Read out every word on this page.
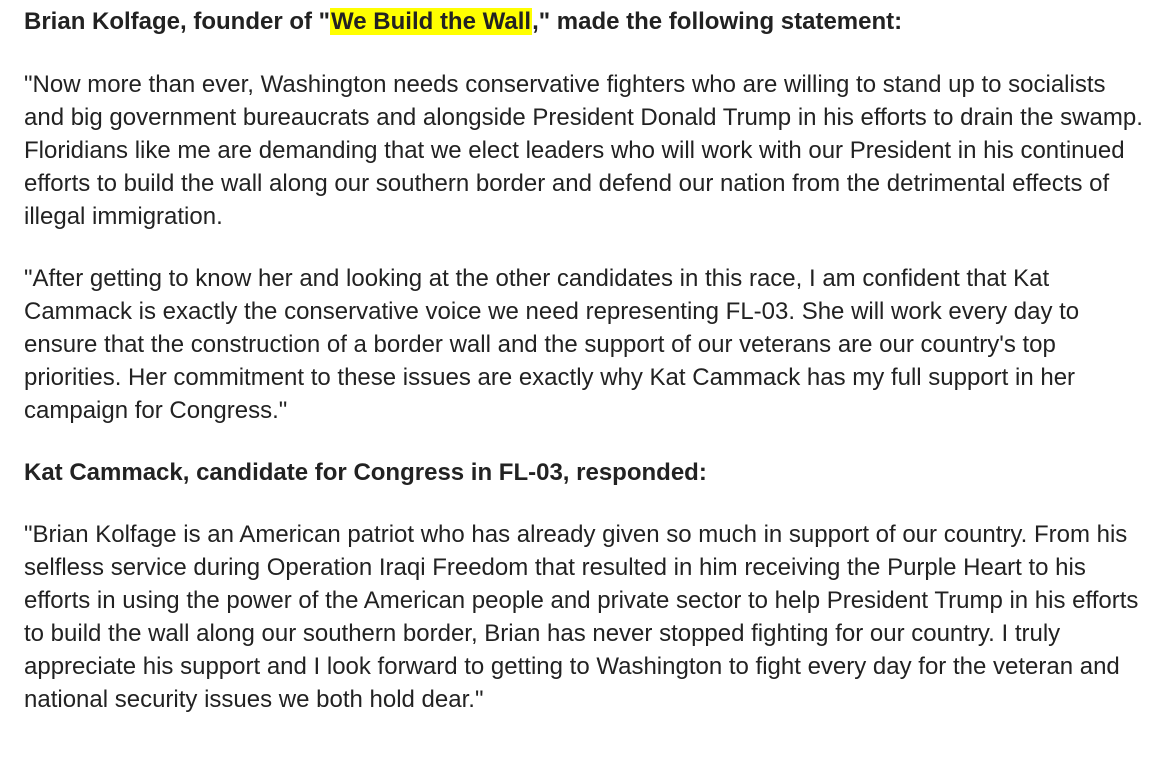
Brian Kolfage, founder of "We Build the Wall," made the following statement:

"Now more than ever, Washington needs conservative fighters who are willing to stand up to socialists and big government bureaucrats and alongside President Donald Trump in his efforts to drain the swamp. Floridians like me are demanding that we elect leaders who will work with our President in his continued efforts to build the wall along our southern border and defend our nation from the detrimental effects of illegal immigration.

"After getting to know her and looking at the other candidates in this race, I am confident that Kat Cammack is exactly the conservative voice we need representing FL-03. She will work every day to ensure that the construction of a border wall and the support of our veterans are our country's top priorities. Her commitment to these issues are exactly why Kat Cammack has my full support in her campaign for Congress."

Kat Cammack, candidate for Congress in FL-03, responded:

"Brian Kolfage is an American patriot who has already given so much in support of our country. From his selfless service during Operation Iraqi Freedom that resulted in him receiving the Purple Heart to his efforts in using the power of the American people and private sector to help President Trump in his efforts to build the wall along our southern border, Brian has never stopped fighting for our country. I truly appreciate his support and I look forward to getting to Washington to fight every day for the veteran and national security issues we both hold dear."
